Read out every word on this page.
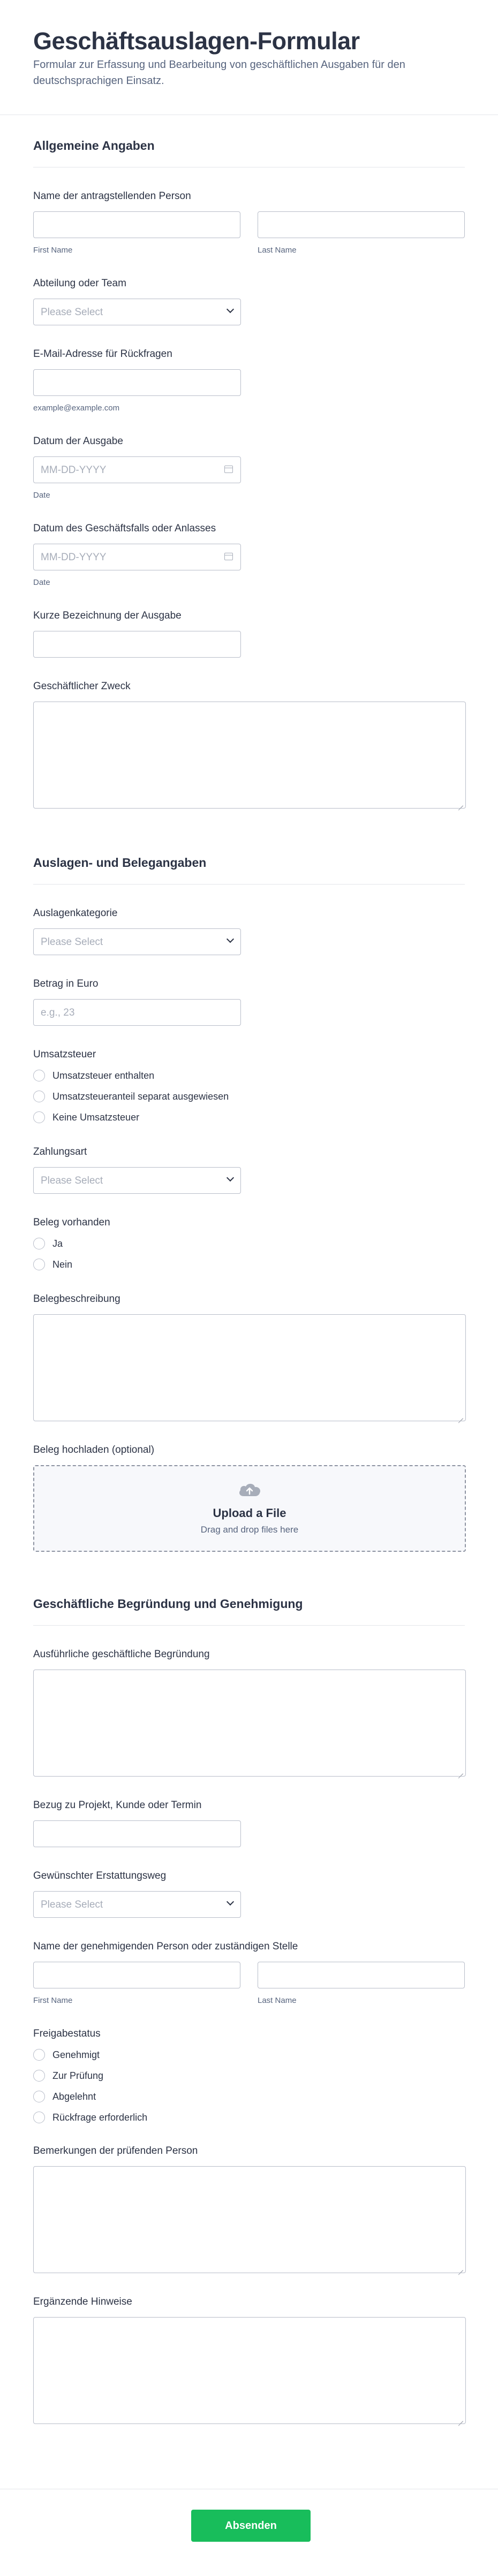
Geschäftsauslagen-Formular
Formular zur Erfassung und Bearbeitung von geschäftlichen Ausgaben für den deutschsprachigen Einsatz.
Allgemeine Angaben
Name der antragstellenden Person
First Name	Last Name
Abteilung oder Team
Please Select
E-Mail-Adresse für Rückfragen
example@example.com
Datum der Ausgabe
MM-DD-YYYY
Date
Datum des Geschäftsfalls oder Anlasses
MM-DD-YYYY
Date
Kurze Bezeichnung der Ausgabe
Geschäftlicher Zweck
Auslagen- und Belegangaben
Auslagenkategorie
Please Select
Betrag in Euro
e.g., 23
Umsatzsteuer
Umsatzsteuer enthalten
Umsatzsteueranteil separat ausgewiesen
Keine Umsatzsteuer
Zahlungsart
Please Select
Beleg vorhanden
Ja
Nein
Belegbeschreibung
Beleg hochladen (optional)
Upload a File
Drag and drop files here
Geschäftliche Begründung und Genehmigung
Ausführliche geschäftliche Begründung
Bezug zu Projekt, Kunde oder Termin
Gewünschter Erstattungsweg
Please Select
Name der genehmigenden Person oder zuständigen Stelle
First Name	Last Name
Freigabestatus
Genehmigt
Zur Prüfung
Abgelehnt
Rückfrage erforderlich
Bemerkungen der prüfenden Person
Ergänzende Hinweise
Absenden
